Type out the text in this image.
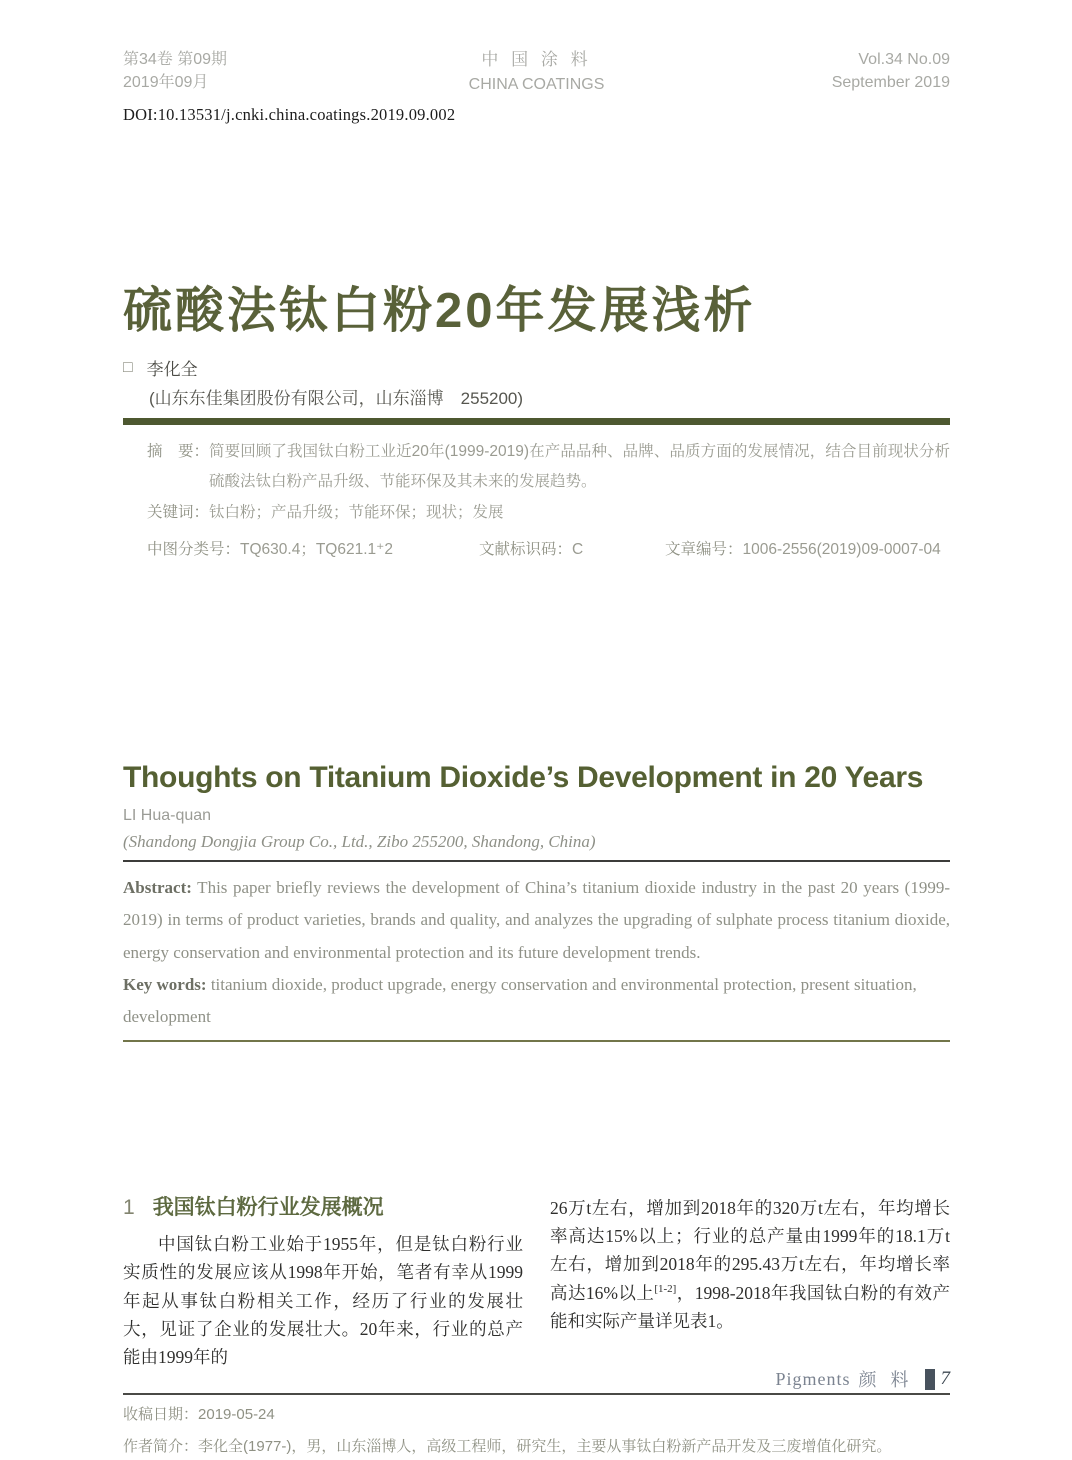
第34卷 第09期
2019年09月
中 国 涂 料
CHINA COATINGS
Vol.34 No.09
September 2019
DOI:10.13531/j.cnki.china.coatings.2019.09.002
硫酸法钛白粉20年发展浅析
□ 李化全
(山东东佳集团股份有限公司，山东淄博　255200)
摘　要： 简要回顾了我国钛白粉工业近20年(1999-2019)在产品品种、品牌、品质方面的发展情况，结合目前现状分析硫酸法钛白粉产品升级、节能环保及其未来的发展趋势。
关键词： 钛白粉；产品升级；节能环保；现状；发展
中图分类号：TQ630.4；TQ621.1⁺2	文献标识码：C	文章编号：1006-2556(2019)09-0007-04
Thoughts on Titanium Dioxide’s Development in 20 Years
LI Hua-quan
(Shandong Dongjia Group Co., Ltd., Zibo 255200, Shandong, China)

Abstract: This paper briefly reviews the development of China’s titanium dioxide industry in the past 20 years (1999-2019) in terms of product varieties, brands and quality, and analyzes the upgrading of sulphate process titanium dioxide, energy conservation and environmental protection and its future development trends.

Key words: titanium dioxide, product upgrade, energy conservation and environmental protection, present situation, development

1 我国钛白粉行业发展概况

中国钛白粉工业始于1955年，但是钛白粉行业实质性的发展应该从1998年开始，笔者有幸从1999年起从事钛白粉相关工作，经历了行业的发展壮大，见证了企业的发展壮大。20年来，行业的总产能由1999年的

26万t左右，增加到2018年的320万t左右，年均增长率高达15%以上；行业的总产量由1999年的18.1万t左右，增加到2018年的295.43万t左右，年均增长率高达16%以上[1-2]，1998-2018年我国钛白粉的有效产能和实际产量详见表1。

收稿日期：2019-05-24
作者简介：李化全(1977-)，男，山东淄博人，高级工程师，研究生，主要从事钛白粉新产品开发及三废增值化研究。
Pigments 颜料 7
